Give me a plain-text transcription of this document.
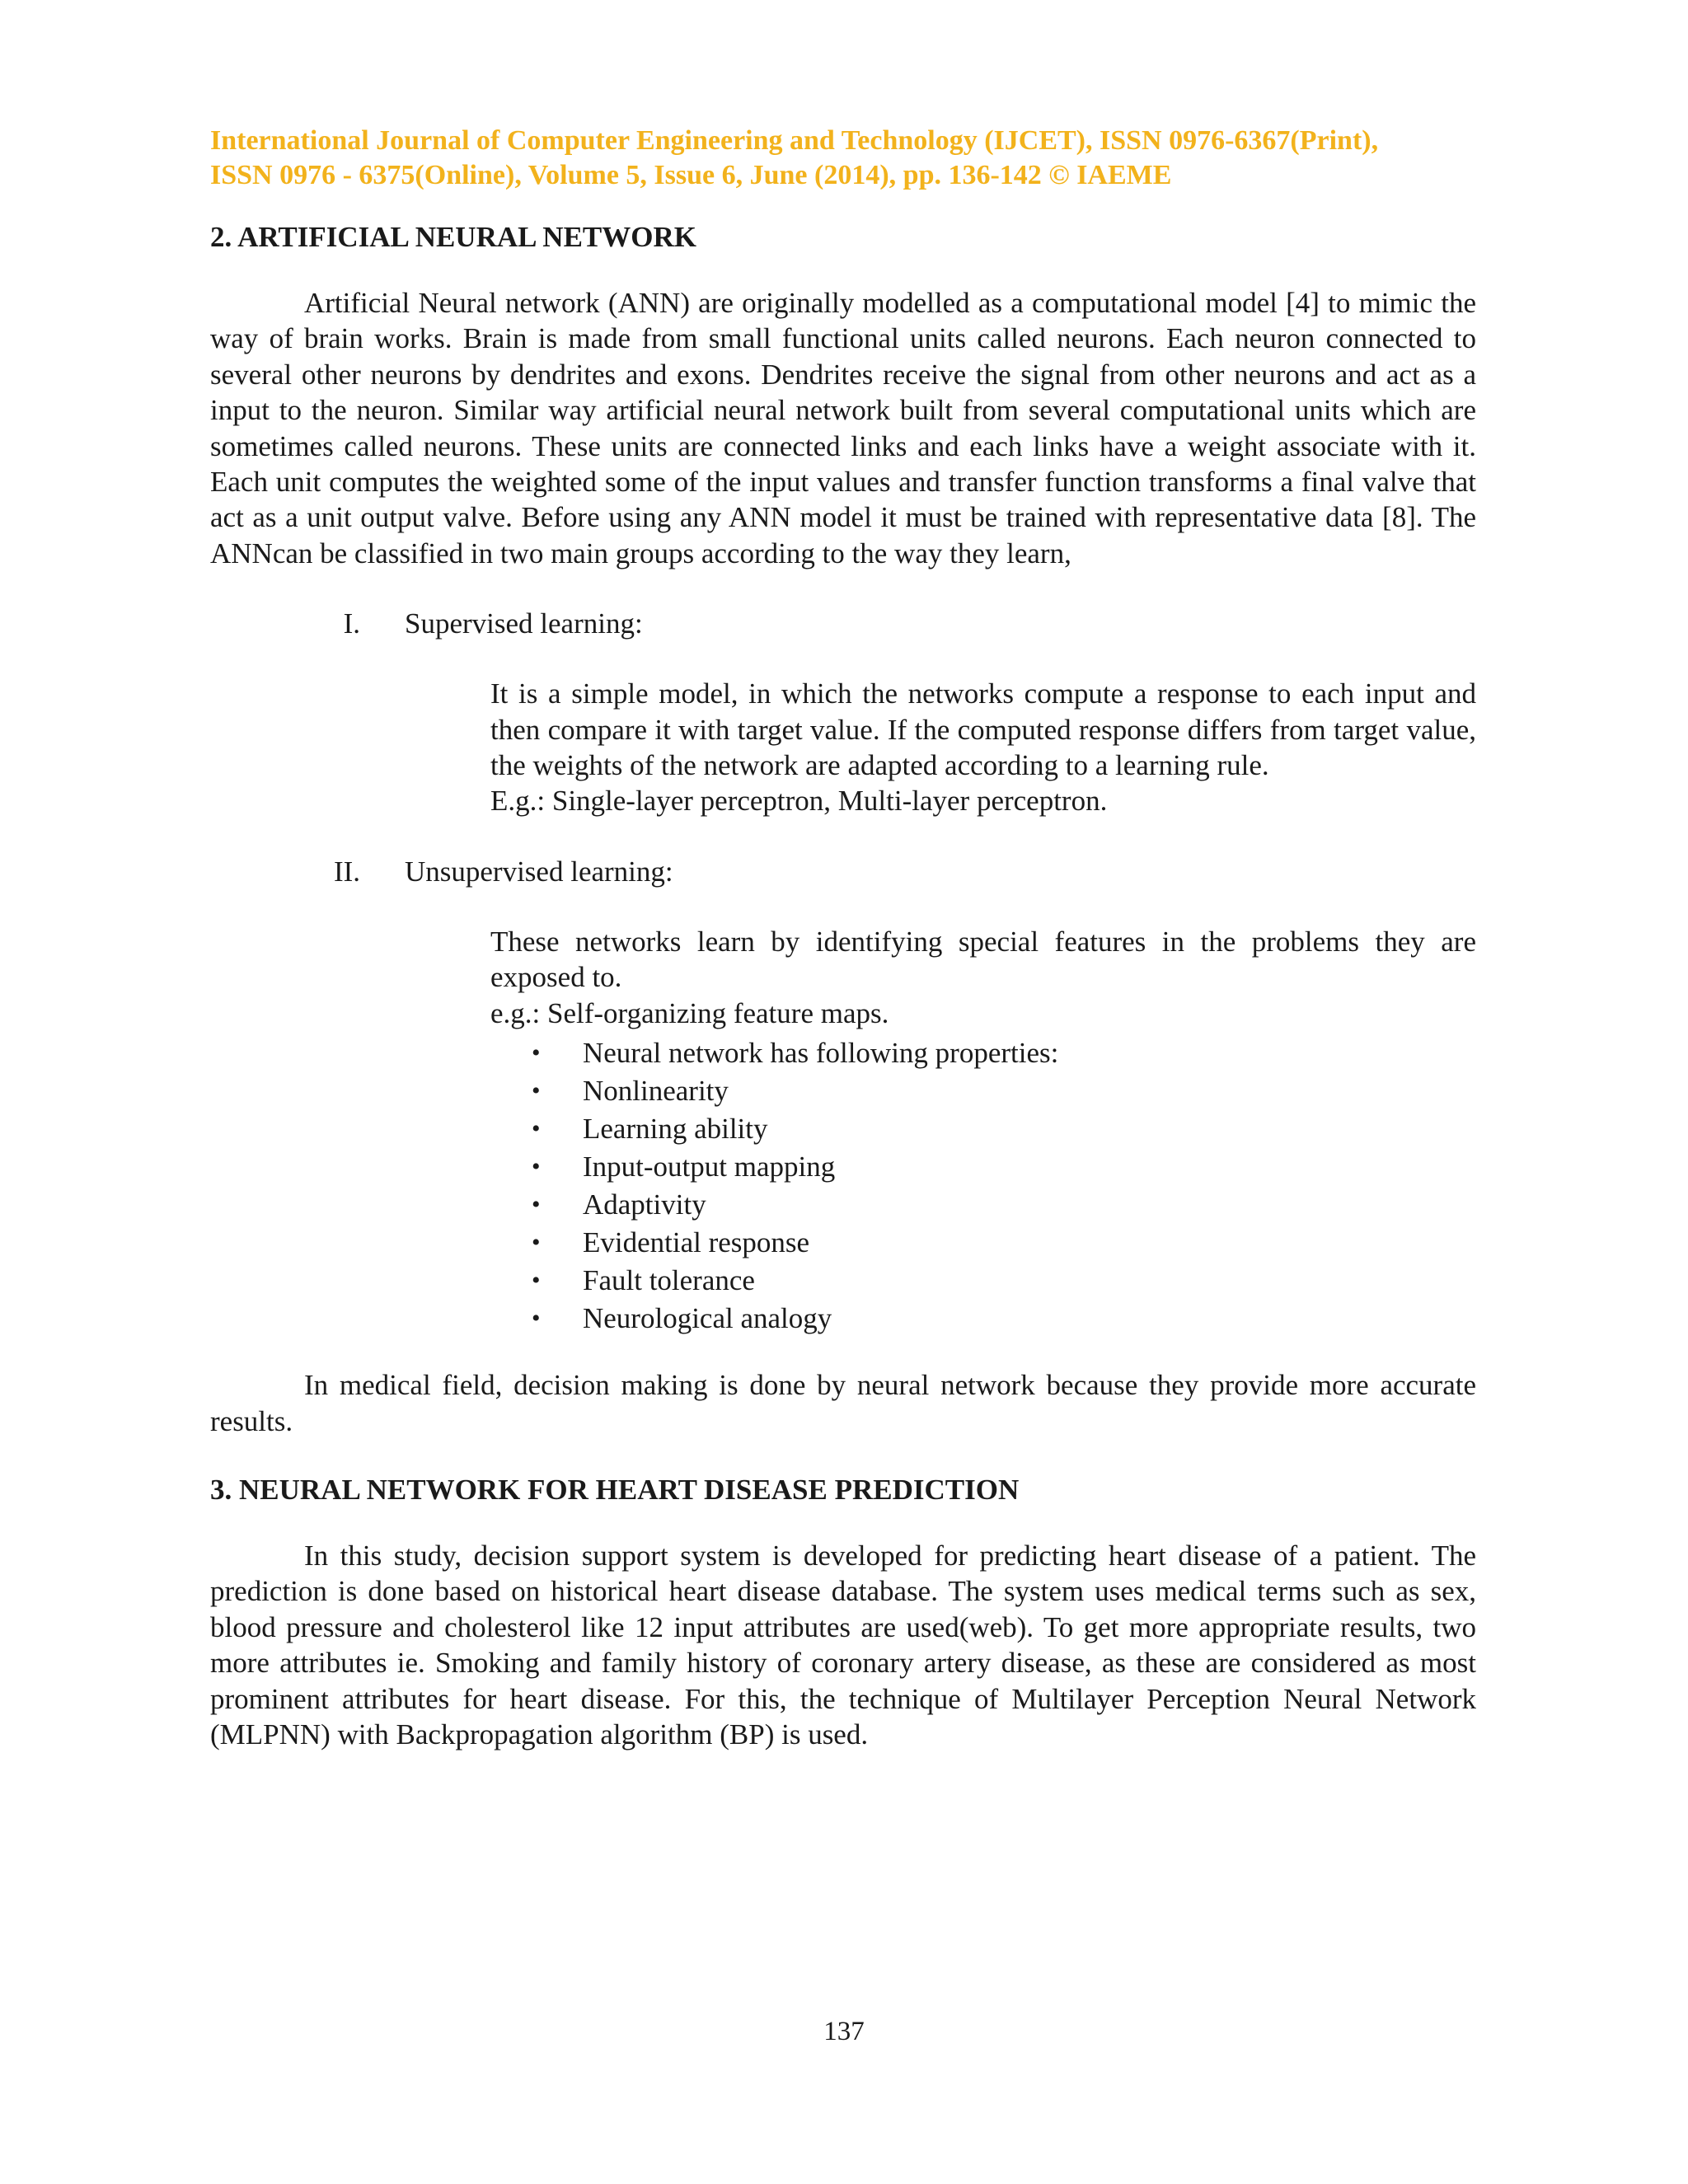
International Journal of Computer Engineering and Technology (IJCET), ISSN 0976-6367(Print),
ISSN 0976 - 6375(Online), Volume 5, Issue 6, June (2014), pp. 136-142 © IAEME
2. ARTIFICIAL NEURAL NETWORK

Artificial Neural network (ANN) are originally modelled as a computational model [4] to mimic the way of brain works. Brain is made from small functional units called neurons. Each neuron connected to several other neurons by dendrites and exons. Dendrites receive the signal from other neurons and act as a input to the neuron. Similar way artificial neural network built from several computational units which are sometimes called neurons. These units are connected links and each links have a weight associate with it. Each unit computes the weighted some of the input values and transfer function transforms a final valve that act as a unit output valve. Before using any ANN model it must be trained with representative data [8]. The ANNcan be classified in two main groups according to the way they learn,

I. Supervised learning:

It is a simple model, in which the networks compute a response to each input and then compare it with target value. If the computed response differs from target value, the weights of the network are adapted according to a learning rule.

E.g.: Single-layer perceptron, Multi-layer perceptron.

II. Unsupervised learning:

These networks learn by identifying special features in the problems they are exposed to.

e.g.: Self-organizing feature maps.

• Neural network has following properties:
• Nonlinearity
• Learning ability
• Input-output mapping
• Adaptivity
• Evidential response
• Fault tolerance
• Neurological analogy

In medical field, decision making is done by neural network because they provide more accurate results.

3. NEURAL NETWORK FOR HEART DISEASE PREDICTION

In this study, decision support system is developed for predicting heart disease of a patient. The prediction is done based on historical heart disease database. The system uses medical terms such as sex, blood pressure and cholesterol like 12 input attributes are used(web). To get more appropriate results, two more attributes ie. Smoking and family history of coronary artery disease, as these are considered as most prominent attributes for heart disease. For this, the technique of Multilayer Perception Neural Network (MLPNN) with Backpropagation algorithm (BP) is used.

137
